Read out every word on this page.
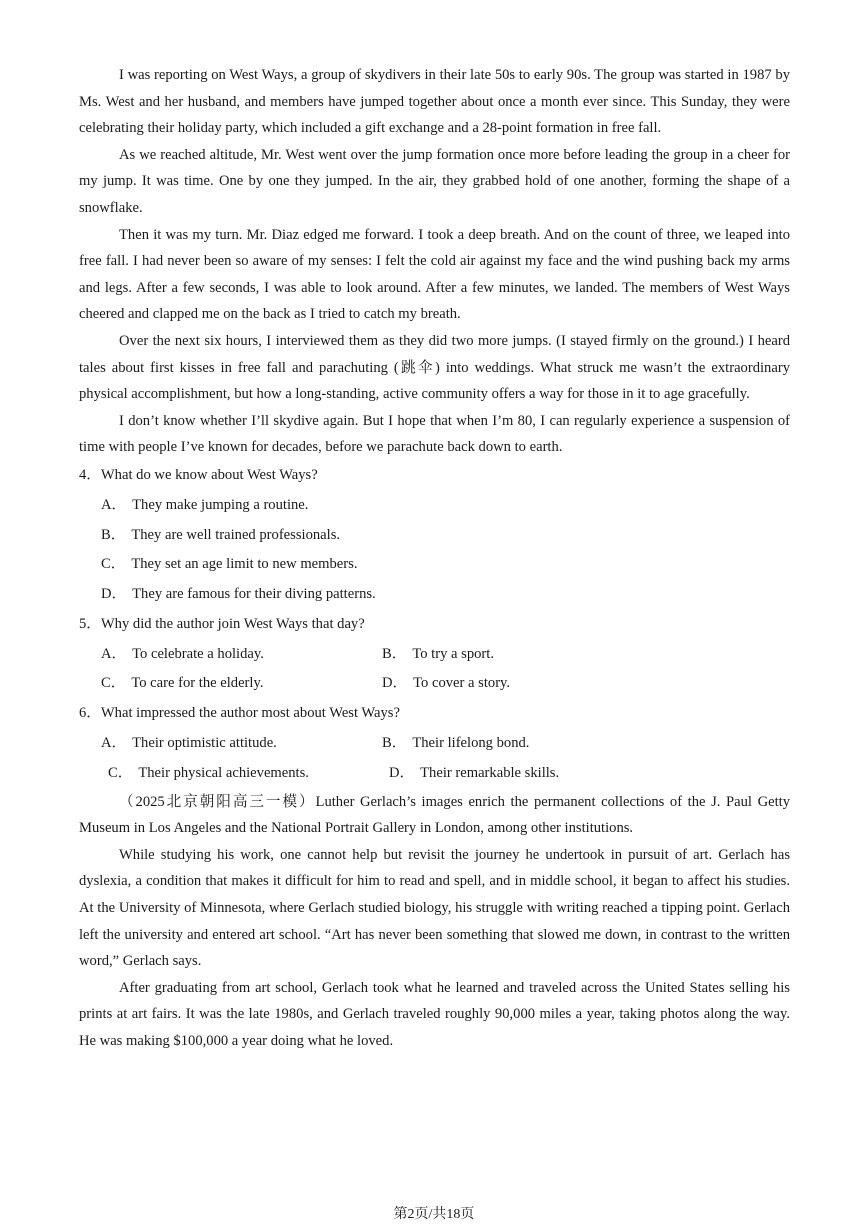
I was reporting on West Ways, a group of skydivers in their late 50s to early 90s. The group was started in 1987 by Ms. West and her husband, and members have jumped together about once a month ever since. This Sunday, they were celebrating their holiday party, which included a gift exchange and a 28-point formation in free fall.

As we reached altitude, Mr. West went over the jump formation once more before leading the group in a cheer for my jump. It was time. One by one they jumped. In the air, they grabbed hold of one another, forming the shape of a snowflake.

Then it was my turn. Mr. Diaz edged me forward. I took a deep breath. And on the count of three, we leaped into free fall. I had never been so aware of my senses: I felt the cold air against my face and the wind pushing back my arms and legs. After a few seconds, I was able to look around. After a few minutes, we landed. The members of West Ways cheered and clapped me on the back as I tried to catch my breath.

Over the next six hours, I interviewed them as they did two more jumps. (I stayed firmly on the ground.) I heard tales about first kisses in free fall and parachuting (跳伞) into weddings. What struck me wasn’t the extraordinary physical accomplishment, but how a long-standing, active community offers a way for those in it to age gracefully.

I don’t know whether I’ll skydive again. But I hope that when I’m 80, I can regularly experience a suspension of time with people I’ve known for decades, before we parachute back down to earth.

4．What do we know about West Ways?
A． They make jumping a routine.
B． They are well trained professionals.
C． They set an age limit to new members.
D． They are famous for their diving patterns.
5．Why did the author join West Ways that day?
A． To celebrate a holiday.	B． To try a sport.
C． To care for the elderly.	D． To cover a story.
6．What impressed the author most about West Ways?
A． Their optimistic attitude.	B． Their lifelong bond.
C． Their physical achievements.	D． Their remarkable skills.

（2025北京朝阳高三一模）Luther Gerlach’s images enrich the permanent collections of the J. Paul Getty Museum in Los Angeles and the National Portrait Gallery in London, among other institutions.

While studying his work, one cannot help but revisit the journey he undertook in pursuit of art. Gerlach has dyslexia, a condition that makes it difficult for him to read and spell, and in middle school, it began to affect his studies. At the University of Minnesota, where Gerlach studied biology, his struggle with writing reached a tipping point. Gerlach left the university and entered art school. “Art has never been something that slowed me down, in contrast to the written word,” Gerlach says.

After graduating from art school, Gerlach took what he learned and traveled across the United States selling his prints at art fairs. It was the late 1980s, and Gerlach traveled roughly 90,000 miles a year, taking photos along the way. He was making $100,000 a year doing what he loved.

第2页/共18页
